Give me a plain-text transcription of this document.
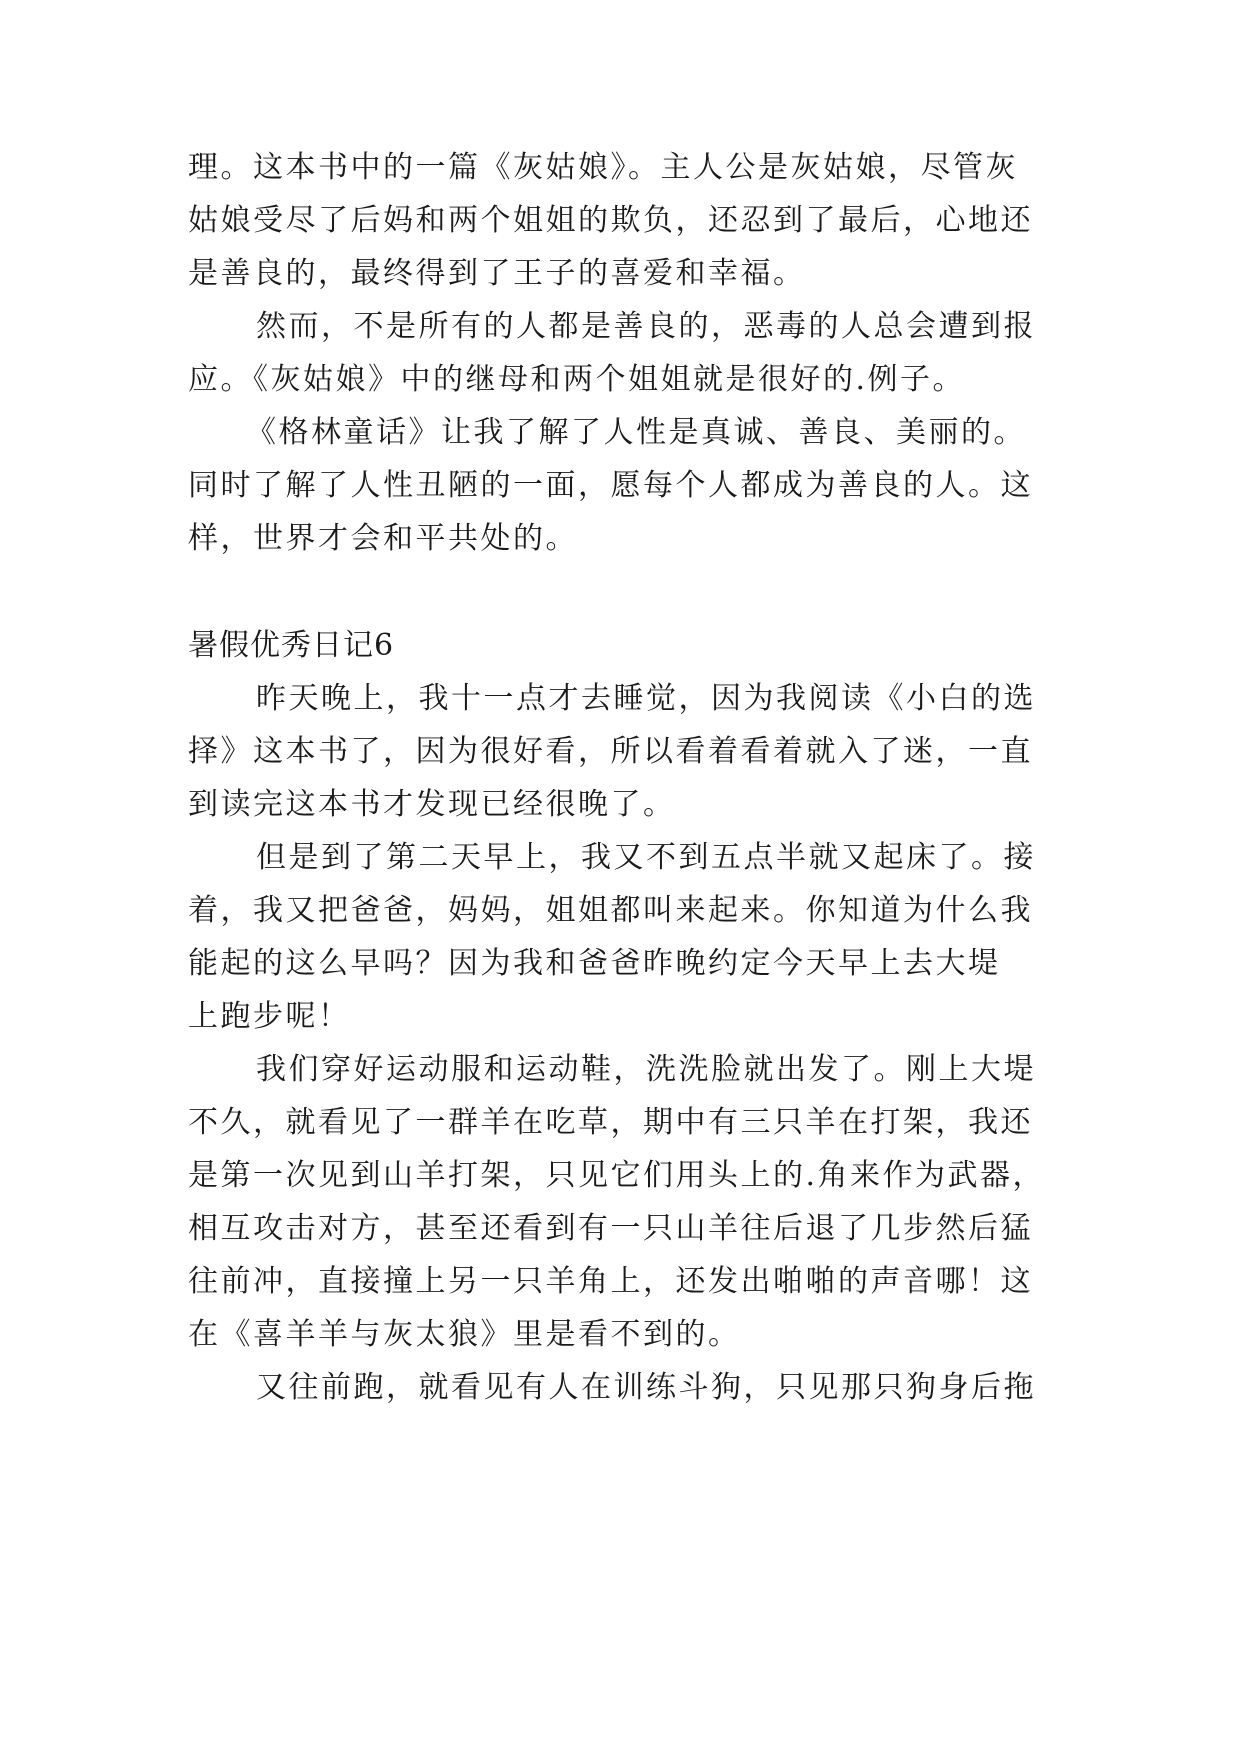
理。这本书中的一篇《灰姑娘》。主人公是灰姑娘，尽管灰
姑娘受尽了后妈和两个姐姐的欺负，还忍到了最后，心地还
是善良的，最终得到了王子的喜爱和幸福。
然而，不是所有的人都是善良的，恶毒的人总会遭到报
应。《灰姑娘》中的继母和两个姐姐就是很好的.例子。
《格林童话》让我了解了人性是真诚、善良、美丽的。
同时了解了人性丑陋的一面，愿每个人都成为善良的人。这
样，世界才会和平共处的。
暑假优秀日记6
昨天晚上，我十一点才去睡觉，因为我阅读《小白的选
择》这本书了，因为很好看，所以看着看着就入了迷，一直
到读完这本书才发现已经很晚了。
但是到了第二天早上，我又不到五点半就又起床了。接
着，我又把爸爸，妈妈，姐姐都叫来起来。你知道为什么我
能起的这么早吗？因为我和爸爸昨晚约定今天早上去大堤
上跑步呢！
我们穿好运动服和运动鞋，洗洗脸就出发了。刚上大堤
不久，就看见了一群羊在吃草，期中有三只羊在打架，我还
是第一次见到山羊打架，只见它们用头上的.角来作为武器，
相互攻击对方，甚至还看到有一只山羊往后退了几步然后猛
往前冲，直接撞上另一只羊角上，还发出啪啪的声音哪！这
在《喜羊羊与灰太狼》里是看不到的。
又往前跑，就看见有人在训练斗狗，只见那只狗身后拖
